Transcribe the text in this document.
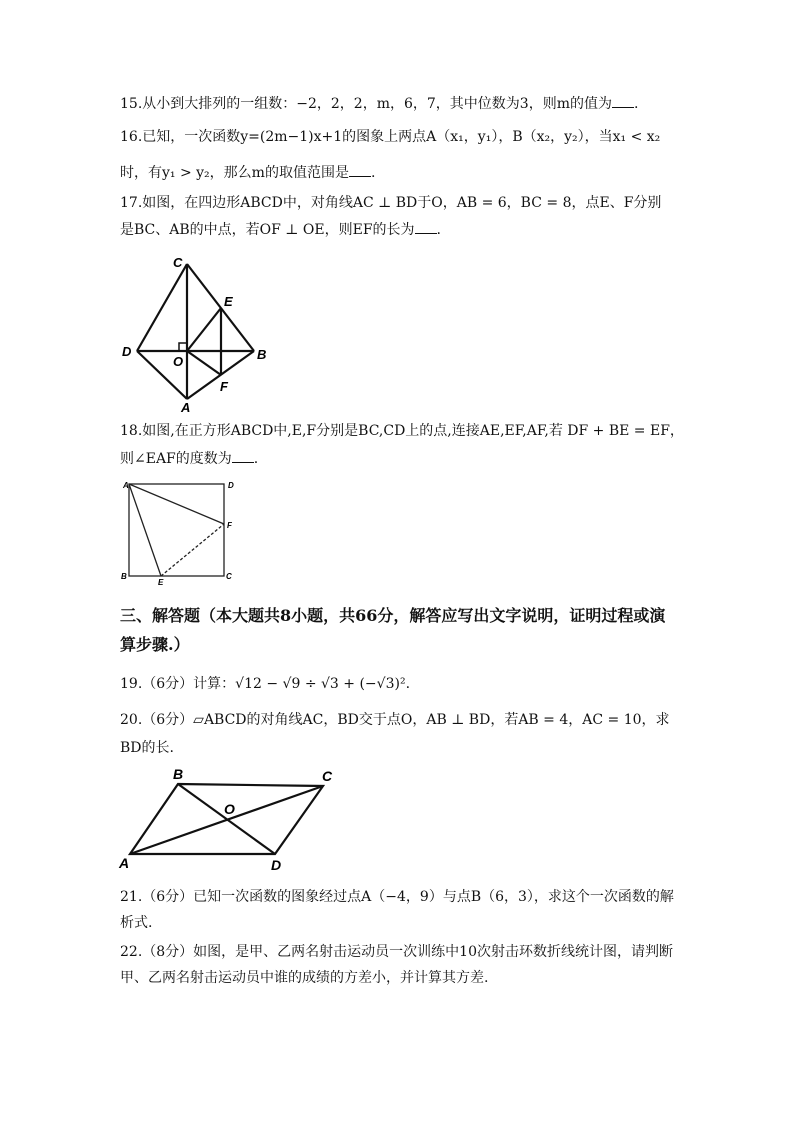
15.从小到大排列的一组数：−2，2，2，m，6，7，其中位数为3，则m的值为 .
16.已知，一次函数y=(2m−1)x+1的图象上两点A（x₁，y₁），B（x₂，y₂），当x₁ < x₂
时，有y₁ > y₂，那么m的取值范围是 .
17.如图，在四边形ABCD中，对角线AC ⊥ BD于O，AB = 6，BC = 8，点E、F分别
是BC、AB的中点，若OF ⊥ OE，则EF的长为 .
C
E
D
O	B
F
A
18.如图,在正方形ABCD中,E,F分别是BC,CD上的点,连接AE,EF,AF,若 DF + BE = EF，
则∠EAF的度数为 .
A	D
F
B
E
C
三、解答题（本大题共8小题，共66分，解答应写出文字说明，证明过程或演
算步骤.）
19.（6分）计算：√12 − √9 ÷ √3 + (−√3)².
20.（6分）▱ABCD的对角线AC，BD交于点O，AB ⊥ BD，若AB = 4，AC = 10，求
BD的长.
B	C
O
A	D
21.（6分）已知一次函数的图象经过点A（−4，9）与点B（6，3），求这个一次函数的解
析式.
22.（8分）如图，是甲、乙两名射击运动员一次训练中10次射击环数折线统计图，请判断
甲、乙两名射击运动员中谁的成绩的方差小，并计算其方差.
